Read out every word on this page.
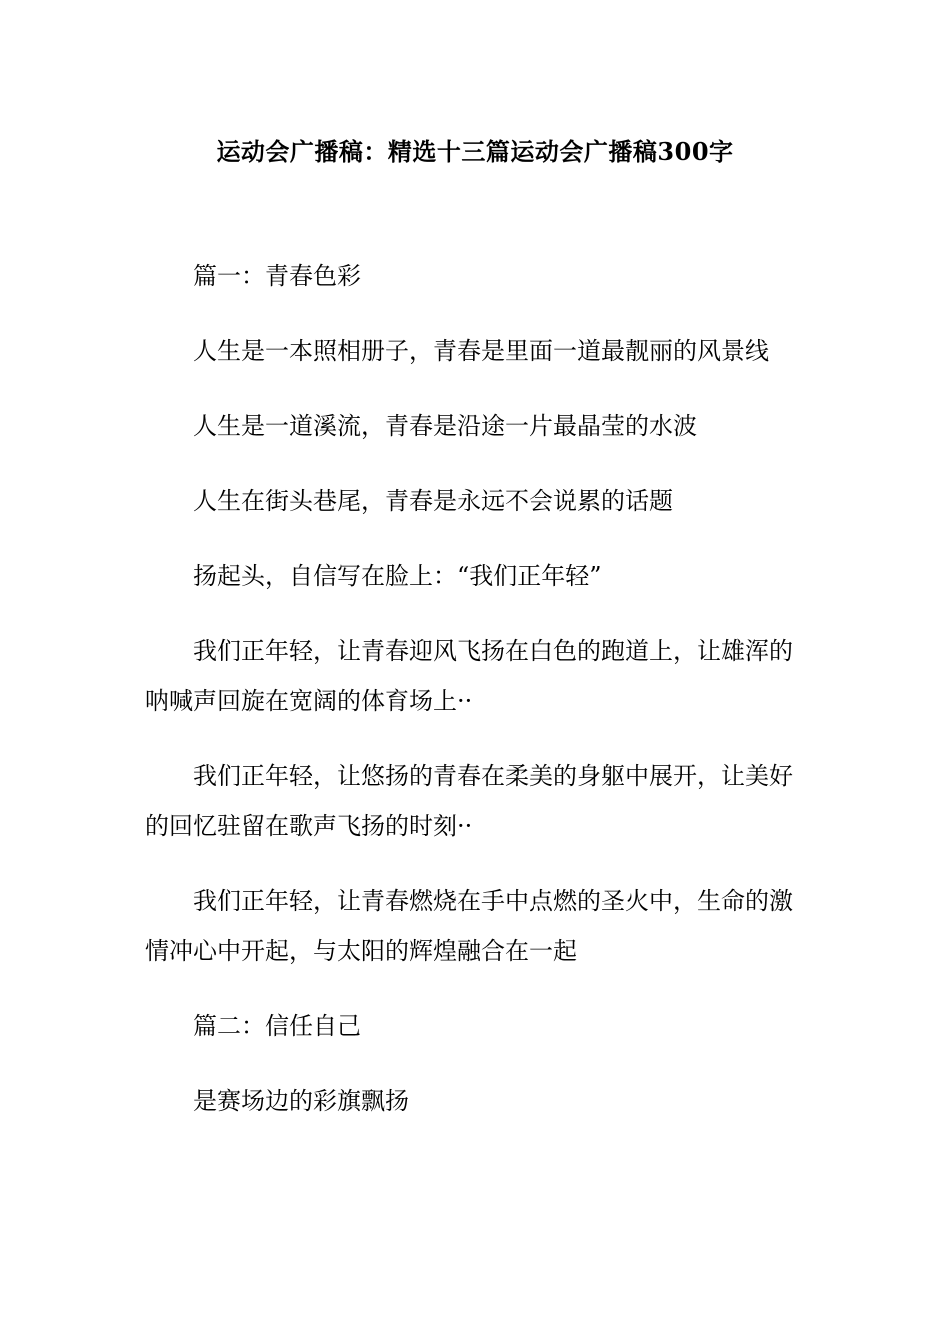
运动会广播稿：精选十三篇运动会广播稿300字

篇一：青春色彩

人生是一本照相册子，青春是里面一道最靓丽的风景线

人生是一道溪流，青春是沿途一片最晶莹的水波

人生在街头巷尾，青春是永远不会说累的话题

扬起头，自信写在脸上：“我们正年轻”

我们正年轻，让青春迎风飞扬在白色的跑道上，让雄浑的呐喊声回旋在宽阔的体育场上··

我们正年轻，让悠扬的青春在柔美的身躯中展开，让美好的回忆驻留在歌声飞扬的时刻··

我们正年轻，让青春燃烧在手中点燃的圣火中，生命的激情冲心中开起，与太阳的辉煌融合在一起

篇二：信任自己

是赛场边的彩旗飘扬
